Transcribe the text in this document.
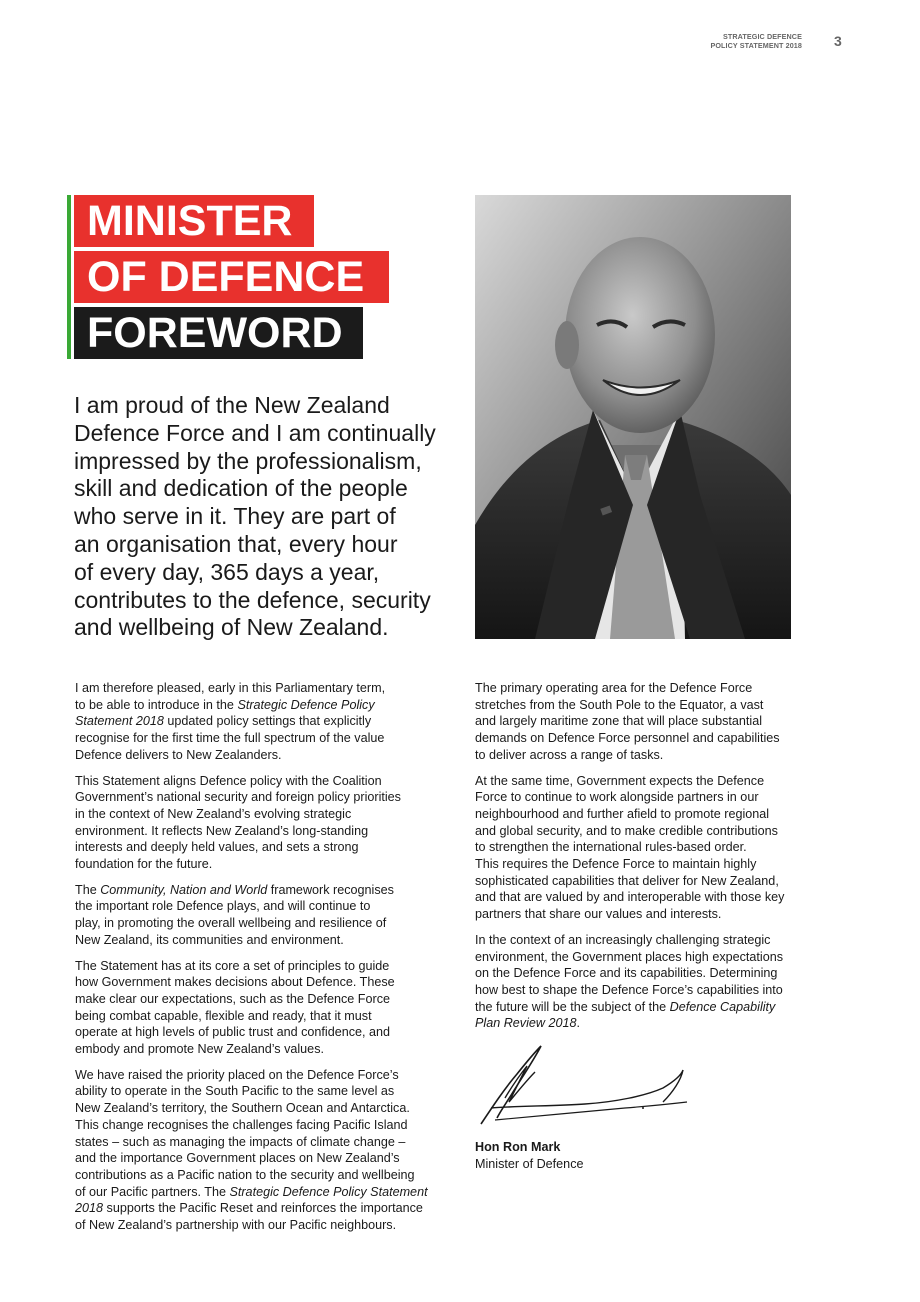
STRATEGIC DEFENCE
POLICY STATEMENT 2018 3
MINISTER
OF DEFENCE
FOREWORD
I am proud of the New Zealand
Defence Force and I am continually
impressed by the professionalism,
skill and dedication of the people
who serve in it. They are part of
an organisation that, every hour
of every day, 365 days a year,
contributes to the defence, security
and wellbeing of New Zealand.

I am therefore pleased, early in this Parliamentary term,
to be able to introduce in the Strategic Defence Policy
Statement 2018 updated policy settings that explicitly
recognise for the first time the full spectrum of the value
Defence delivers to New Zealanders.

This Statement aligns Defence policy with the Coalition
Government’s national security and foreign policy priorities
in the context of New Zealand’s evolving strategic
environment. It reflects New Zealand’s long-standing
interests and deeply held values, and sets a strong
foundation for the future.

The Community, Nation and World framework recognises
the important role Defence plays, and will continue to
play, in promoting the overall wellbeing and resilience of
New Zealand, its communities and environment.

The Statement has at its core a set of principles to guide
how Government makes decisions about Defence. These
make clear our expectations, such as the Defence Force
being combat capable, flexible and ready, that it must
operate at high levels of public trust and confidence, and
embody and promote New Zealand’s values.

We have raised the priority placed on the Defence Force’s
ability to operate in the South Pacific to the same level as
New Zealand’s territory, the Southern Ocean and Antarctica.
This change recognises the challenges facing Pacific Island
states – such as managing the impacts of climate change –
and the importance Government places on New Zealand’s
contributions as a Pacific nation to the security and wellbeing
of our Pacific partners. The Strategic Defence Policy Statement
2018 supports the Pacific Reset and reinforces the importance
of New Zealand’s partnership with our Pacific neighbours.

The primary operating area for the Defence Force
stretches from the South Pole to the Equator, a vast
and largely maritime zone that will place substantial
demands on Defence Force personnel and capabilities
to deliver across a range of tasks.

At the same time, Government expects the Defence
Force to continue to work alongside partners in our
neighbourhood and further afield to promote regional
and global security, and to make credible contributions
to strengthen the international rules-based order.
This requires the Defence Force to maintain highly
sophisticated capabilities that deliver for New Zealand,
and that are valued by and interoperable with those key
partners that share our values and interests.

In the context of an increasingly challenging strategic
environment, the Government places high expectations
on the Defence Force and its capabilities. Determining
how best to shape the Defence Force’s capabilities into
the future will be the subject of the Defence Capability
Plan Review 2018.

Hon Ron Mark
Minister of Defence
